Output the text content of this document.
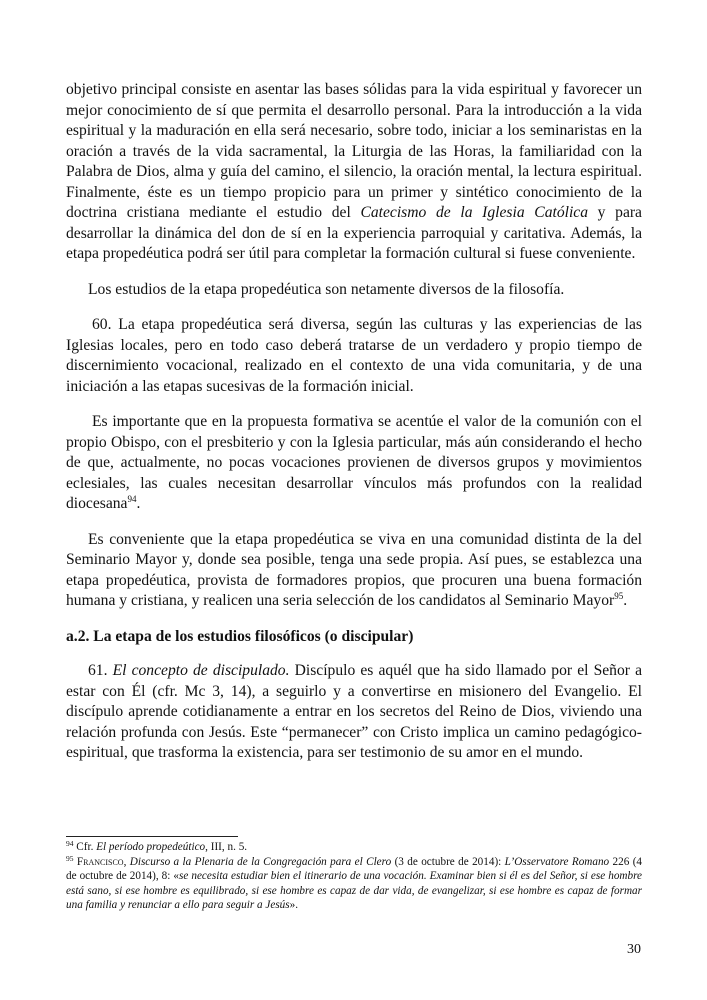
objetivo principal consiste en asentar las bases sólidas para la vida espiritual y favorecer un mejor conocimiento de sí que permita el desarrollo personal. Para la introducción a la vida espiritual y la maduración en ella será necesario, sobre todo, iniciar a los seminaristas en la oración a través de la vida sacramental, la Liturgia de las Horas, la familiaridad con la Palabra de Dios, alma y guía del camino, el silencio, la oración mental, la lectura espiritual. Finalmente, éste es un tiempo propicio para un primer y sintético conocimiento de la doctrina cristiana mediante el estudio del Catecismo de la Iglesia Católica y para desarrollar la dinámica del don de sí en la experiencia parroquial y caritativa. Además, la etapa propedéutica podrá ser útil para completar la formación cultural si fuese conveniente.

Los estudios de la etapa propedéutica son netamente diversos de la filosofía.

60. La etapa propedéutica será diversa, según las culturas y las experiencias de las Iglesias locales, pero en todo caso deberá tratarse de un verdadero y propio tiempo de discernimiento vocacional, realizado en el contexto de una vida comunitaria, y de una iniciación a las etapas sucesivas de la formación inicial.

Es importante que en la propuesta formativa se acentúe el valor de la comunión con el propio Obispo, con el presbiterio y con la Iglesia particular, más aún considerando el hecho de que, actualmente, no pocas vocaciones provienen de diversos grupos y movimientos eclesiales, las cuales necesitan desarrollar vínculos más profundos con la realidad diocesana$^{94}$.

Es conveniente que la etapa propedéutica se viva en una comunidad distinta de la del Seminario Mayor y, donde sea posible, tenga una sede propia. Así pues, se establezca una etapa propedéutica, provista de formadores propios, que procuren una buena formación humana y cristiana, y realicen una seria selección de los candidatos al Seminario Mayor$^{95}$.

a.2. La etapa de los estudios filosóficos (o discipular)

61. El concepto de discipulado. Discípulo es aquél que ha sido llamado por el Señor a estar con Él (cfr. Mc 3, 14), a seguirlo y a convertirse en misionero del Evangelio. El discípulo aprende cotidianamente a entrar en los secretos del Reino de Dios, viviendo una relación profunda con Jesús. Este “permanecer” con Cristo implica un camino pedagógico-espiritual, que trasforma la existencia, para ser testimonio de su amor en el mundo.

$^{94}$ Cfr. El período propedeútico, III, n. 5.

$^{95}$ Francisco, Discurso a la Plenaria de la Congregación para el Clero (3 de octubre de 2014): L’Osservatore Romano 226 (4 de octubre de 2014), 8: «se necesita estudiar bien el itinerario de una vocación. Examinar bien si él es del Señor, si ese hombre está sano, si ese hombre es equilibrado, si ese hombre es capaz de dar vida, de evangelizar, si ese hombre es capaz de formar una familia y renunciar a ello para seguir a Jesús».

30
